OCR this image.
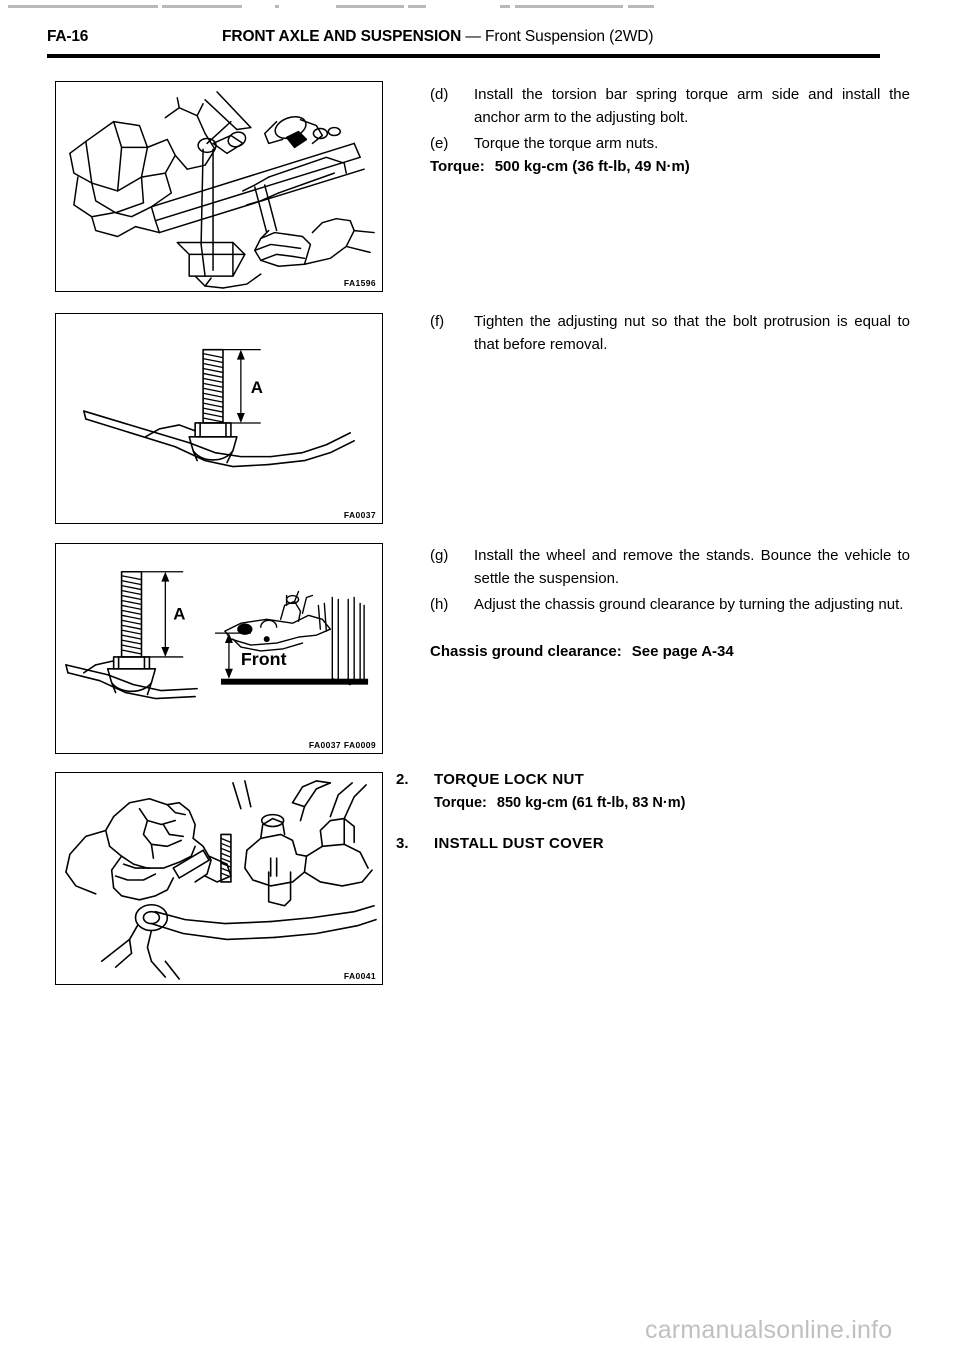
FA-16	FRONT AXLE AND SUSPENSION — Front Suspension (2WD)
FA1596
A
FA0037
A
Front
FA0037 FA0009
FA0041
(d)	Install the torsion bar spring torque arm side and install the anchor arm to the adjusting bolt.
(e)	Torque the torque arm nuts.
Torque: 500 kg-cm (36 ft-lb, 49 N·m)
(f)	Tighten the adjusting nut so that the bolt protrusion is equal to that before removal.
(g)	Install the wheel and remove the stands. Bounce the vehicle to settle the suspension.
(h)	Adjust the chassis ground clearance by turning the adjusting nut.
Chassis ground clearance: See page A-34
2.	TORQUE LOCK NUT
Torque: 850 kg-cm (61 ft-lb, 83 N·m)
3.	INSTALL DUST COVER
carmanualsonline.info
